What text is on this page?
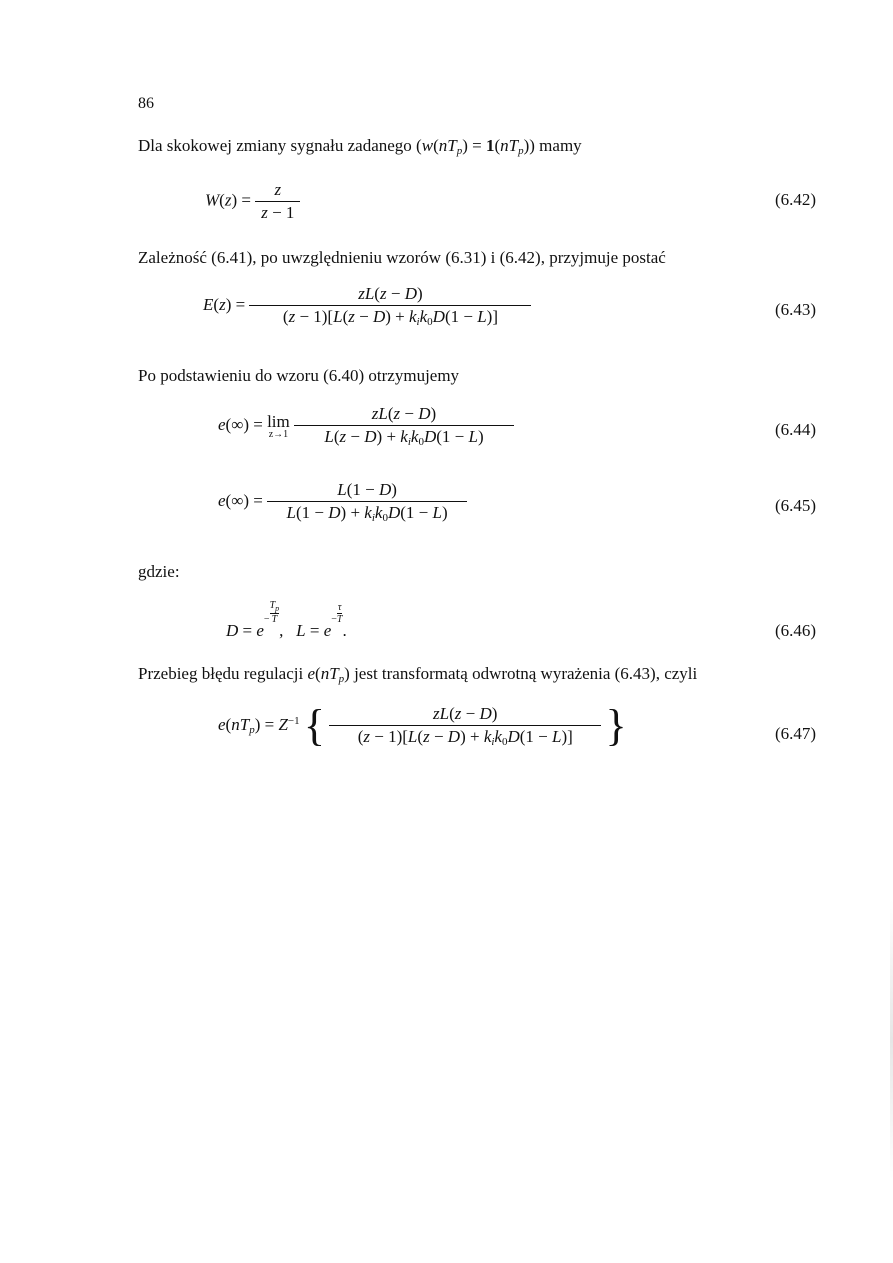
86
Dla skokowej zmiany sygnału zadanego $(w(nT_p) = 1(nT_p))$ mamy
$W(z) = \frac{z}{z - 1}$	(6.42)
Zależność (6.41), po uwzględnieniu wzorów (6.31) i (6.42), przyjmuje postać
$E(z) = \frac{zL(z - D)}{(z - 1)[L(z - D) + k_ik_0D(1 - L)]}$	(6.43)
Po podstawieniu do wzoru (6.40) otrzymujemy
e(∞) = lim
z→1
$\frac{zL(z - D)}{L(z - D) + k_ik_0D(1 - L)}$	(6.44)
$e(\infty) = \frac{L(1 - D)}{L(1 - D) + k_ik_0D(1 - L)}$	(6.45)
gdzie:
$D = e- \frac{T_p}{T}$
,   $L = e- \frac{\tau}{T}$
.	(6.46)
Przebieg błędu regulacji $e(nT_p)$ jest transformatą odwrotną wyrażenia (6.43), czyli
$e(nT_p) = Z^{-1}$ { $\frac{zL(z - D)}{(z - 1)[L(z - D) + k_ik_0D(1 - L)]}$ }	(6.47)
